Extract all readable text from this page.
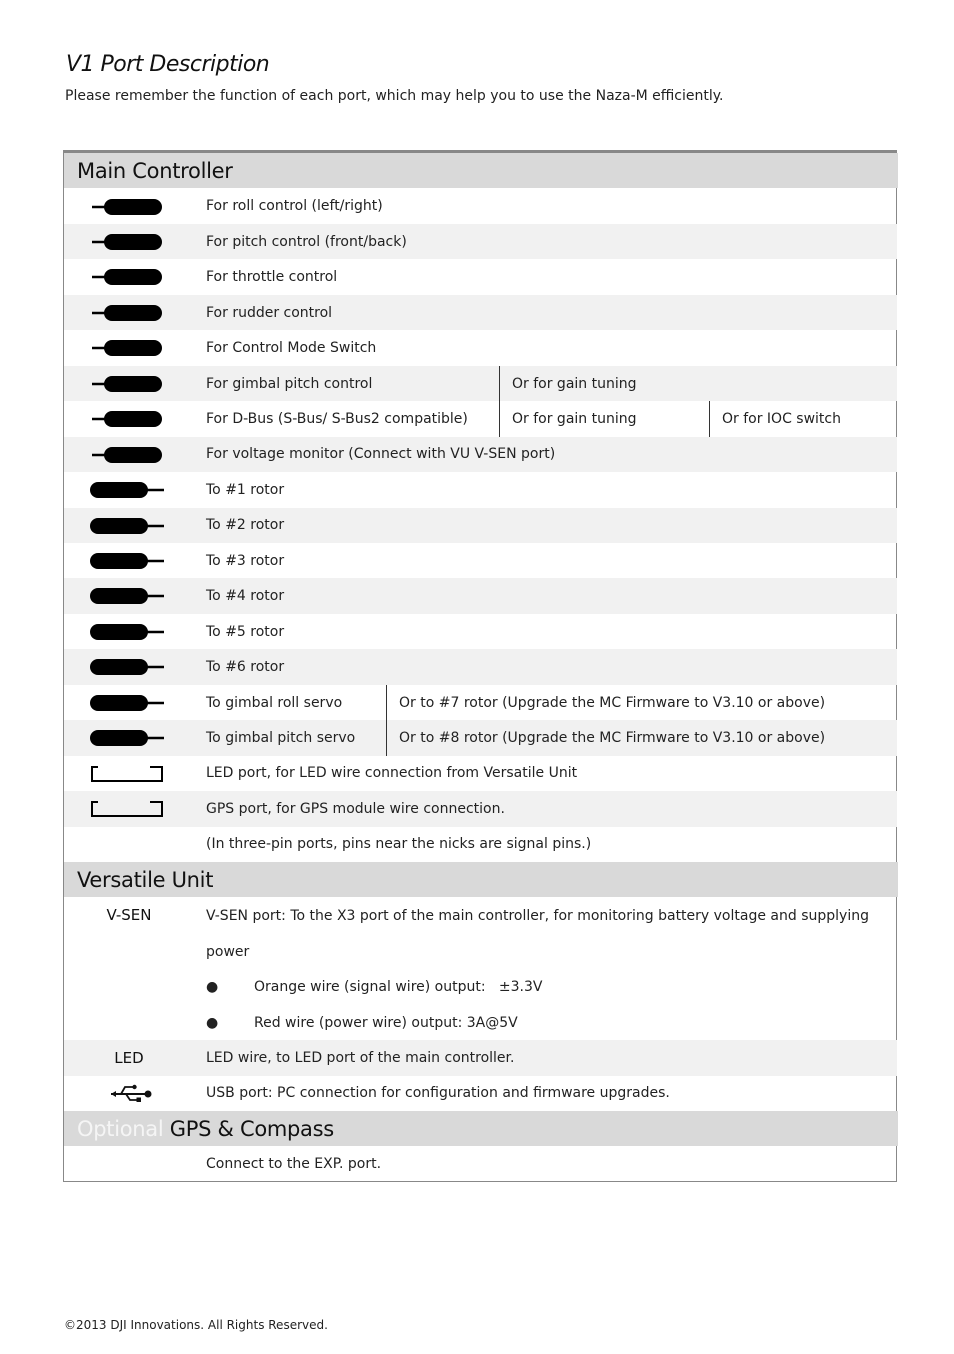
V1 Port Description
Please remember the function of each port, which may help you to use the Naza-M efficiently.
Main Controller
For roll control (left/right)
For pitch control (front/back)
For throttle control
For rudder control
For Control Mode Switch
For gimbal pitch control	Or for gain tuning
For D-Bus (S-Bus/ S-Bus2 compatible)	Or for gain tuning	Or for IOC switch
For voltage monitor (Connect with VU V-SEN port)
To #1 rotor
To #2 rotor
To #3 rotor
To #4 rotor
To #5 rotor
To #6 rotor
To gimbal roll servo	Or to #7 rotor (Upgrade the MC Firmware to V3.10 or above)
To gimbal pitch servo	Or to #8 rotor (Upgrade the MC Firmware to V3.10 or above)
LED port, for LED wire connection from Versatile Unit
GPS port, for GPS module wire connection.
(In three-pin ports, pins near the nicks are signal pins.)
Versatile Unit
V-SEN	V-SEN port: To the X3 port of the main controller, for monitoring battery voltage and supplying
power
●	Orange wire (signal wire) output:   ±3.3V
●	Red wire (power wire) output: 3A@5V
LED	LED wire, to LED port of the main controller.
USB port: PC connection for configuration and firmware upgrades.
Optional GPS & Compass
Connect to the EXP. port.
©2013 DJI Innovations. All Rights Reserved.
